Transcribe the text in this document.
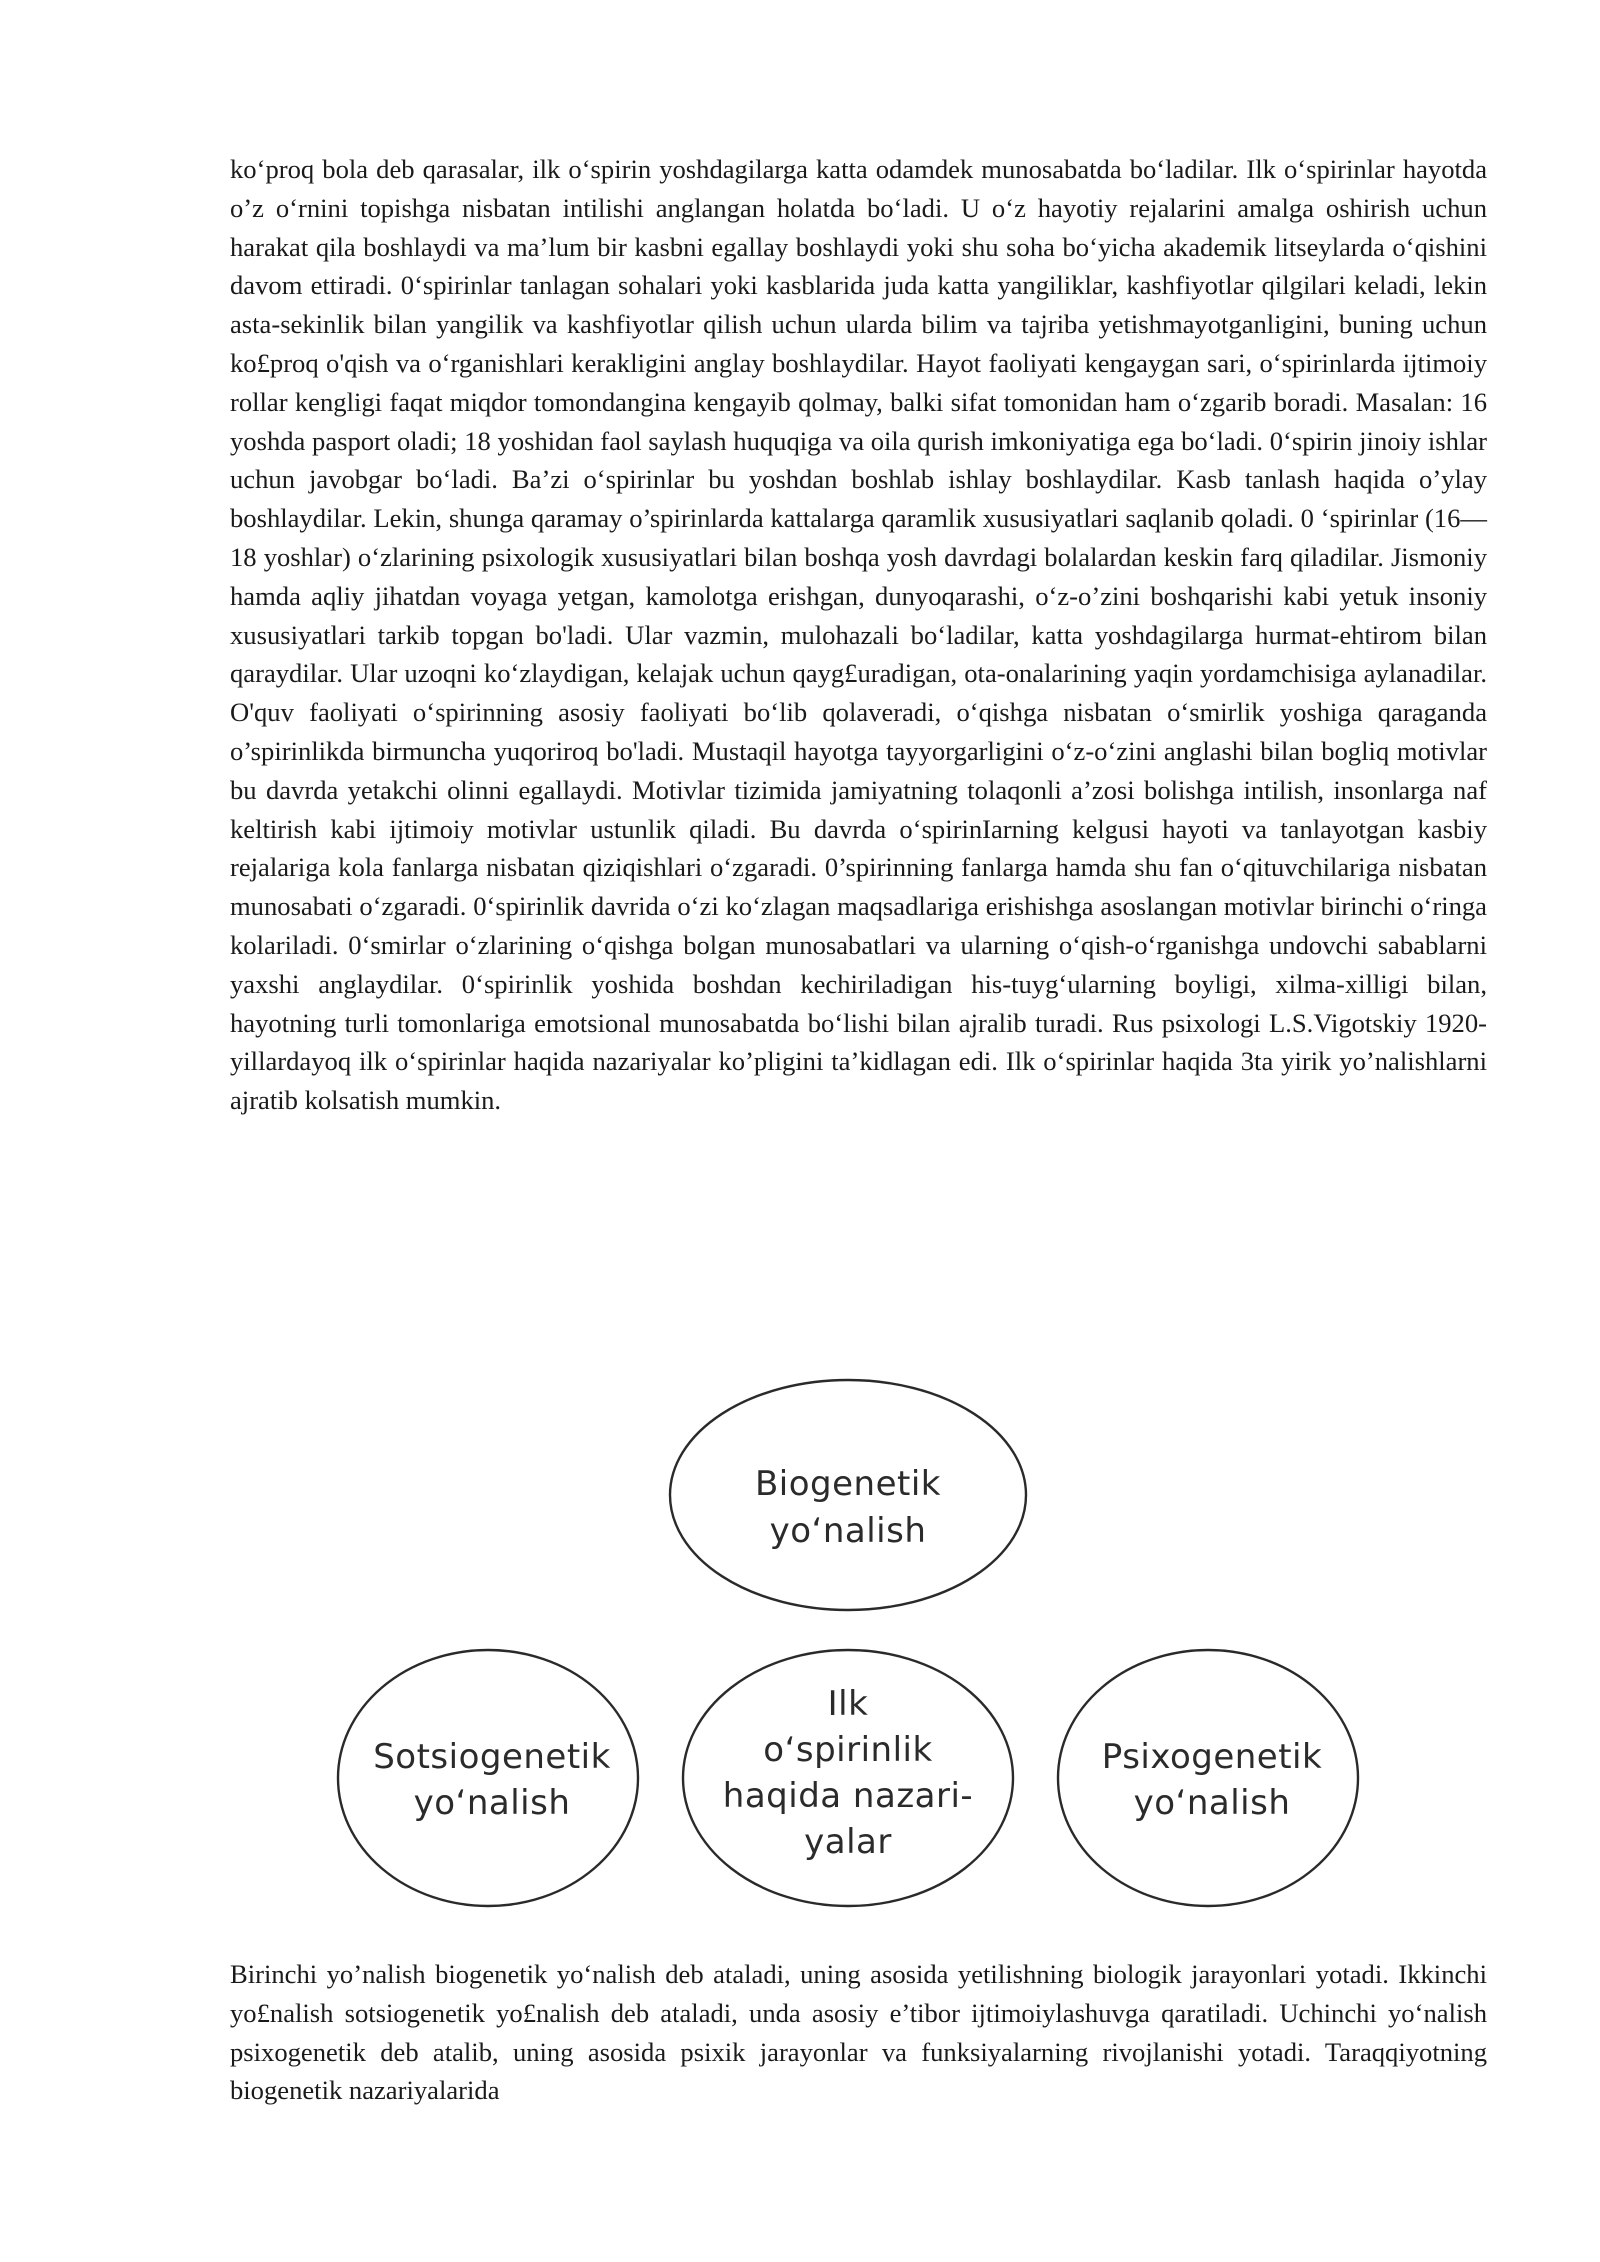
ko‘proq bola deb qarasalar, ilk o‘spirin yoshdagilarga katta odamdek munosabatda bo‘ladilar. Ilk o‘spirinlar hayotda o’z o‘rnini topishga nisbatan intilishi anglangan holatda bo‘ladi. U o‘z hayotiy rejalarini amalga oshirish uchun harakat qila boshlaydi va ma’lum bir kasbni egallay boshlaydi yoki shu soha bo‘yicha akademik litseylarda o‘qishini davom ettiradi. 0‘spirinlar tanlagan sohalari yoki kasblarida juda katta yangiliklar, kashfiyotlar qilgilari keladi, lekin asta-sekinlik bilan yangilik va kashfiyotlar qilish uchun ularda bilim va tajriba yetishmayotganligini, buning uchun ko£proq o'qish va o‘rganishlari kerakligini anglay boshlaydilar. Hayot faoliyati kengaygan sari, o‘spirinlarda ijtimoiy rollar kengligi faqat miqdor tomondangina kengayib qolmay, balki sifat tomonidan ham o‘zgarib boradi. Masalan: 16 yoshda pasport oladi; 18 yoshidan faol saylash huquqiga va oila qurish imkoniyatiga ega bo‘ladi. 0‘spirin jinoiy ishlar uchun javobgar bo‘ladi. Ba’zi o‘spirinlar bu yoshdan boshlab ishlay boshlaydilar. Kasb tanlash haqida o’ylay boshlaydilar. Lekin, shunga qaramay o’spirinlarda kattalarga qaramlik xususiyatlari saqlanib qoladi. 0 ‘spirinlar (16—18 yoshlar) o‘zlarining psixologik xususiyatlari bilan boshqa yosh davrdagi bolalardan keskin farq qiladilar. Jismoniy hamda aqliy jihatdan voyaga yetgan, kamolotga erishgan, dunyoqarashi, o‘z-o’zini boshqarishi kabi yetuk insoniy xususiyatlari tarkib topgan bo'ladi. Ular vazmin, mulohazali bo‘ladilar, katta yoshdagilarga hurmat-ehtirom bilan qaraydilar. Ular uzoqni ko‘zlaydigan, kelajak uchun qayg£uradigan, ota-onalarining yaqin yordamchisiga aylanadilar. O'quv faoliyati o‘spirinning asosiy faoliyati bo‘lib qolaveradi, o‘qishga nisbatan o‘smirlik yoshiga qaraganda o’spirinlikda birmuncha yuqoriroq bo'ladi. Mustaqil hayotga tayyorgarligini o‘z-o‘zini anglashi bilan bogliq motivlar bu davrda yetakchi olinni egallaydi. Motivlar tizimida jamiyatning tolaqonli a’zosi bolishga intilish, insonlarga naf keltirish kabi ijtimoiy motivlar ustunlik qiladi. Bu davrda o‘spirinIarning kelgusi hayoti va tanlayotgan kasbiy rejalariga kola fanlarga nisbatan qiziqishlari o‘zgaradi. 0’spirinning fanlarga hamda shu fan o‘qituvchilariga nisbatan munosabati o‘zgaradi. 0‘spirinlik davrida o‘zi ko‘zlagan maqsadlariga erishishga asoslangan motivlar birinchi o‘ringa kolariladi. 0‘smirlar o‘zlarining o‘qishga bolgan munosabatlari va ularning o‘qish-o‘rganishga undovchi sabablarni yaxshi anglaydilar. 0‘spirinlik yoshida boshdan kechiriladigan his-tuyg‘ularning boyligi, xilma-xilligi bilan, hayotning turli tomonlariga emotsional munosabatda bo‘lishi bilan ajralib turadi. Rus psixologi L.S.Vigotskiy 1920-yillardayoq ilk o‘spirinlar haqida nazariyalar ko’pligini ta’kidlagan edi. Ilk o‘spirinlar haqida 3ta yirik yo’nalishlarni ajratib kolsatish mumkin.

Biogenetik
yo‘nalish
Sotsiogenetik
yo‘nalish
Psixogenetik
yo‘nalish
Ilk
o‘spirinlik
haqida nazari-
yalar

Birinchi yo’nalish biogenetik yo‘nalish deb ataladi, uning asosida yetilishning biologik jarayonlari yotadi. Ikkinchi yo£nalish sotsiogenetik yo£nalish deb ataladi, unda asosiy e’tibor ijtimoiylashuvga qaratiladi. Uchinchi yo‘nalish psixogenetik deb atalib, uning asosida psixik jarayonlar va funksiyalarning rivojlanishi yotadi. Taraqqiyotning biogenetik nazariyalarida
